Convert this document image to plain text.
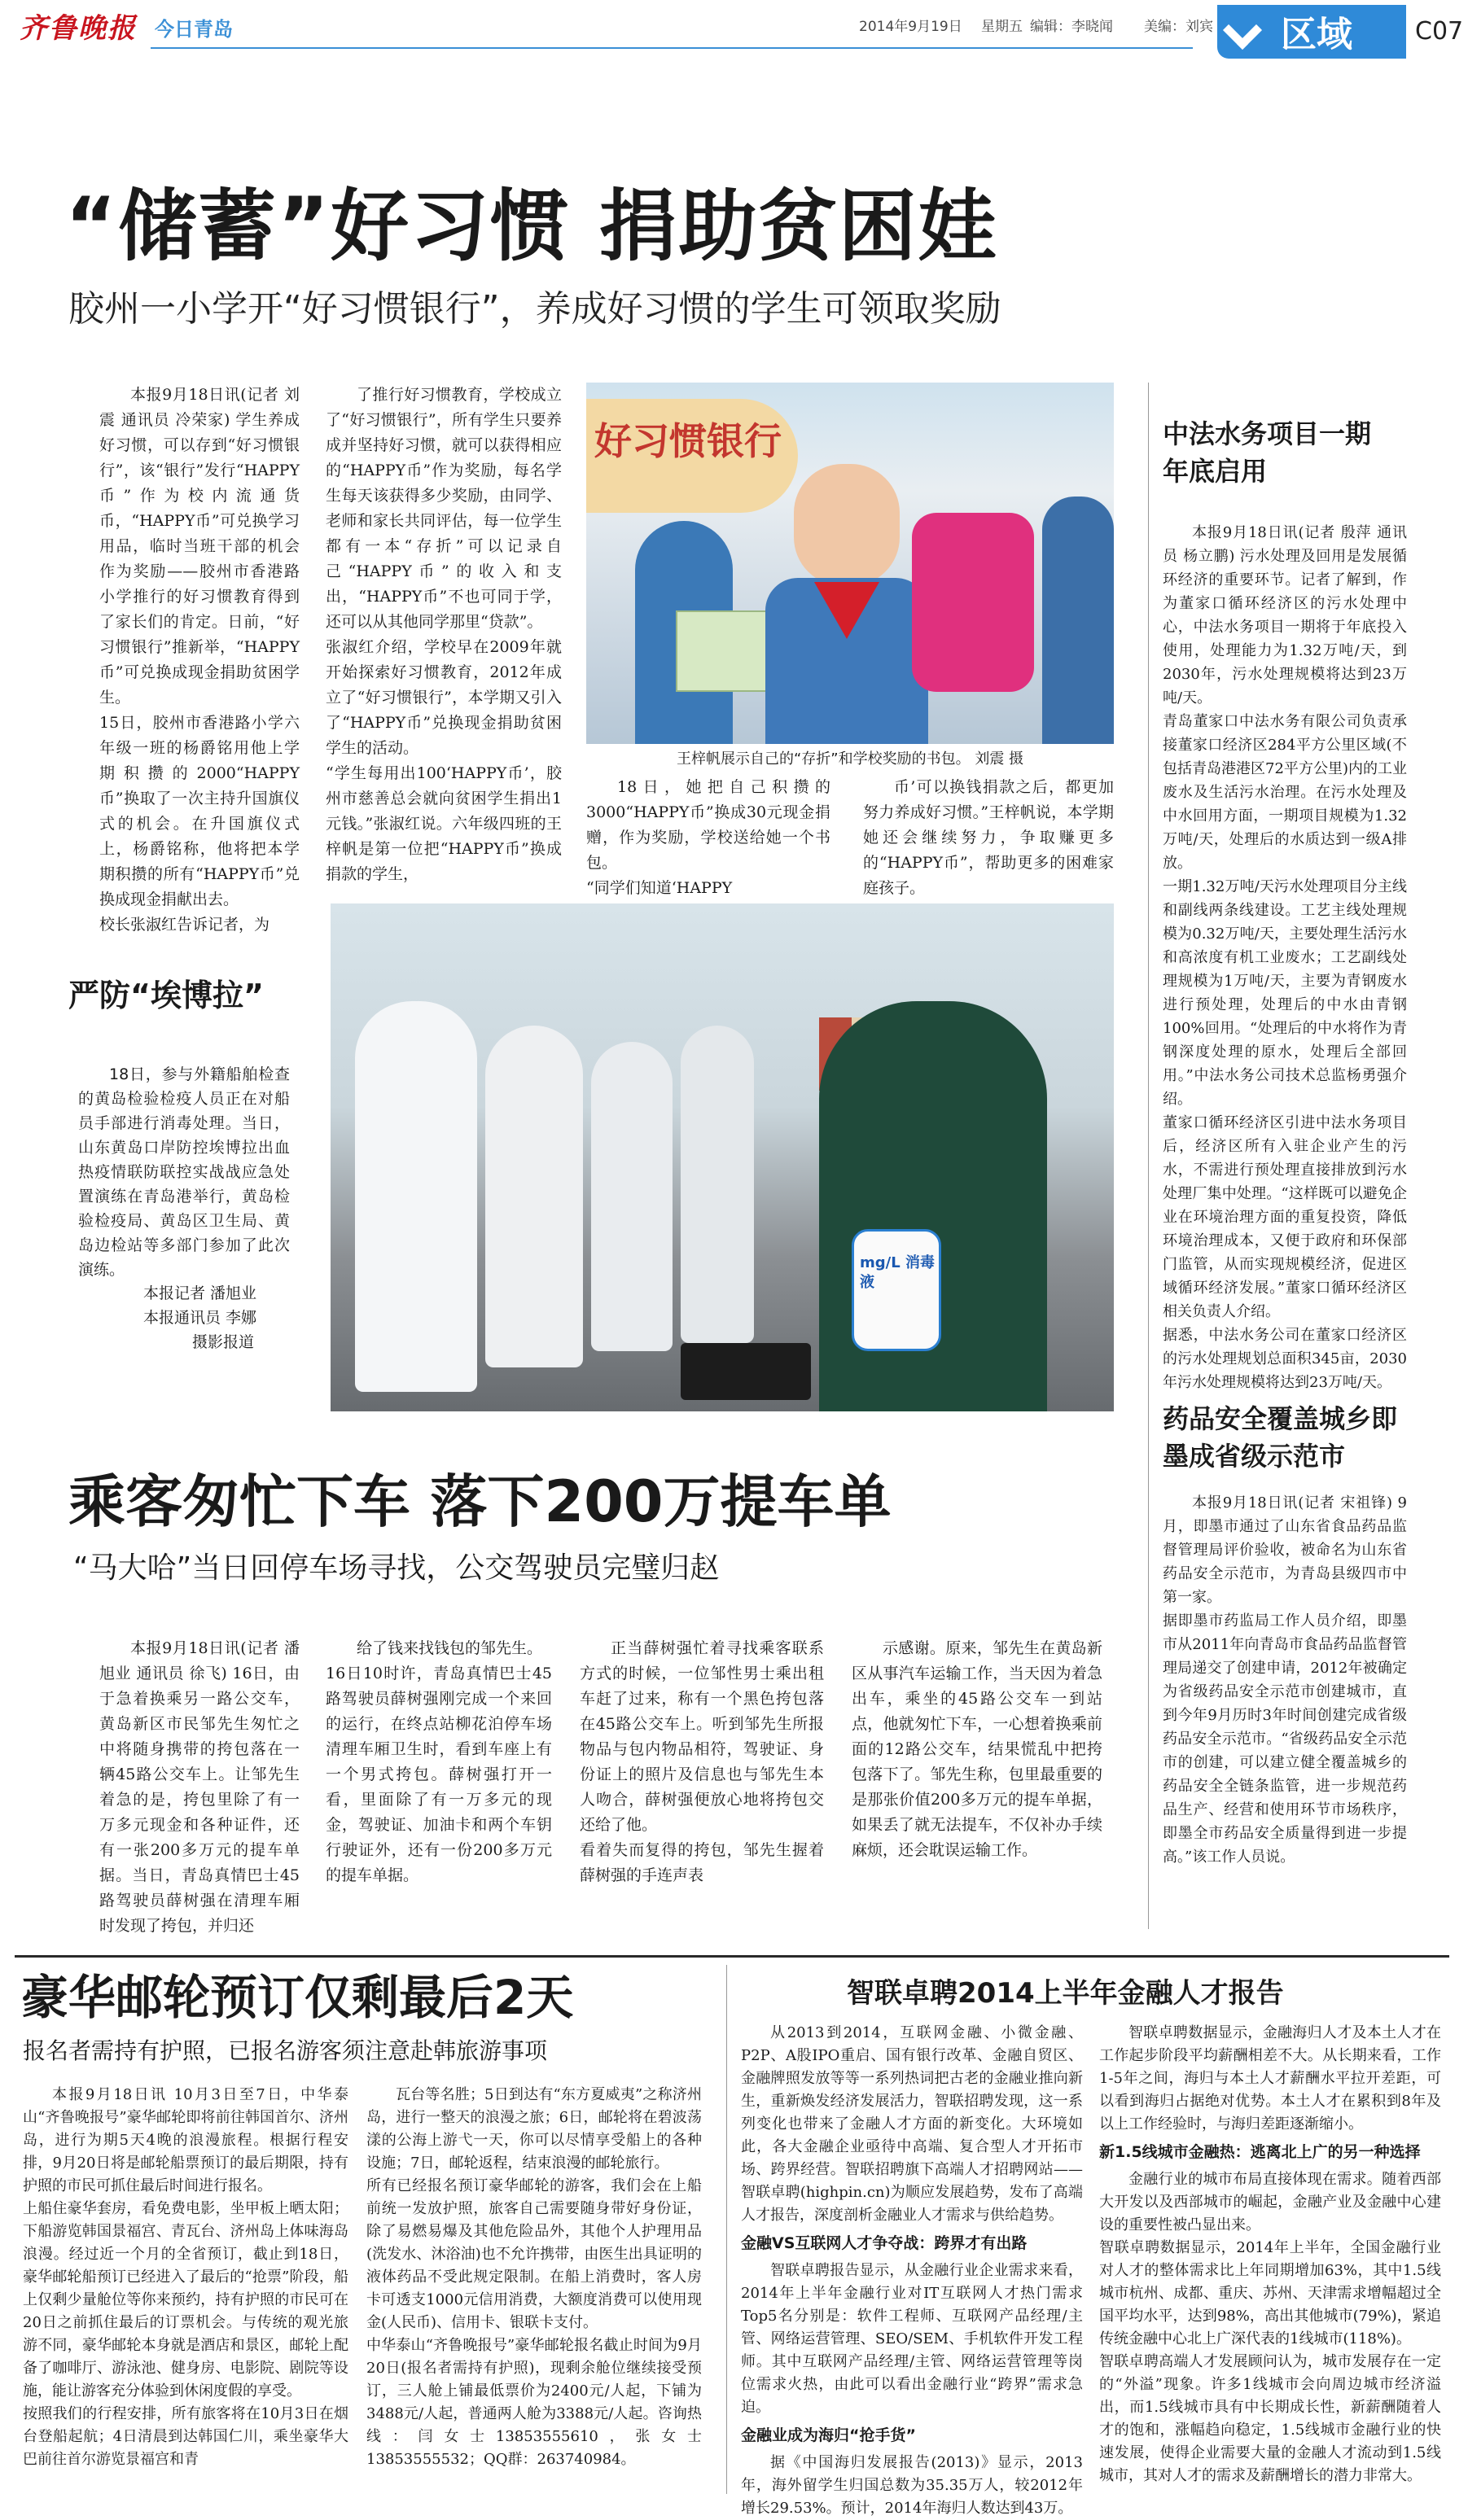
齐鲁晚报 今日青岛	2014年9月19日 星期五 编辑：李晓闻 美编：刘宾 区域	C07
“储蓄”好习惯 捐助贫困娃
胶州一小学开“好习惯银行”，养成好习惯的学生可领取奖励
本报9月18日讯(记者 刘震 通讯员 冷荣家) 学生养成好习惯，可以存到“好习惯银行”，该“银行”发行“HAPPY币”作为校内流通货币，“HAPPY币”可兑换学习用品，临时当班干部的机会作为奖励——胶州市香港路小学推行的好习惯教育得到了家长们的肯定。日前，“好习惯银行”推新举，“HAPPY币”可兑换成现金捐助贫困学生。
15日，胶州市香港路小学六年级一班的杨爵铭用他上学期积攒的2000“HAPPY币”换取了一次主持升国旗仪式的机会。在升国旗仪式上，杨爵铭称，他将把本学期积攒的所有“HAPPY币”兑换成现金捐献出去。
校长张淑红告诉记者，为
了推行好习惯教育，学校成立了“好习惯银行”，所有学生只要养成并坚持好习惯，就可以获得相应的“HAPPY币”作为奖励，每名学生每天该获得多少奖励，由同学、老师和家长共同评估，每一位学生都有一本“存折”可以记录自己“HAPPY币”的收入和支出，“HAPPY币”不也可同于学，还可以从其他同学那里“贷款”。
张淑红介绍，学校早在2009年就开始探索好习惯教育，2012年成立了“好习惯银行”，本学期又引入了“HAPPY币”兑换现金捐助贫困学生的活动。
“学生每用出100‘HAPPY币’，胶州市慈善总会就向贫困学生捐出1元钱。”张淑红说。六年级四班的王梓帆是第一位把“HAPPY币”换成捐款的学生，
好习惯银行
王梓帆展示自己的“存折”和学校奖励的书包。 刘震 摄
18日，她把自己积攒的3000“HAPPY币”换成30元现金捐赠，作为奖励，学校送给她一个书包。
“同学们知道‘HAPPY
币’可以换钱捐款之后，都更加努力养成好习惯。”王梓帆说，本学期她还会继续努力，争取赚更多的“HAPPY币”，帮助更多的困难家庭孩子。
mg/L 消毒液
严防“埃博拉”
18日，参与外籍船舶检查的黄岛检验检疫人员正在对船员手部进行消毒处理。当日，山东黄岛口岸防控埃博拉出血热疫情联防联控实战战应急处置演练在青岛港举行，黄岛检验检疫局、黄岛区卫生局、黄岛边检站等多部门参加了此次演练。
本报记者 潘旭业
本报通讯员 李娜
摄影报道
中法水务项目一期年底启用
本报9月18日讯(记者 殷萍 通讯员 杨立鹏) 污水处理及回用是发展循环经济的重要环节。记者了解到，作为董家口循环经济区的污水处理中心，中法水务项目一期将于年底投入使用，处理能力为1.32万吨/天，到2030年，污水处理规模将达到23万吨/天。
青岛董家口中法水务有限公司负责承接董家口经济区284平方公里区域(不包括青岛港港区72平方公里)内的工业废水及生活污水治理。在污水处理及中水回用方面，一期项目规模为1.32万吨/天，处理后的水质达到一级A排放。
一期1.32万吨/天污水处理项目分主线和副线两条线建设。工艺主线处理规模为0.32万吨/天，主要处理生活污水和高浓度有机工业废水；工艺副线处理规模为1万吨/天，主要为青钢废水进行预处理，处理后的中水由青钢100%回用。“处理后的中水将作为青钢深度处理的原水，处理后全部回用。”中法水务公司技术总监杨勇强介绍。
董家口循环经济区引进中法水务项目后，经济区所有入驻企业产生的污水，不需进行预处理直接排放到污水处理厂集中处理。“这样既可以避免企业在环境治理方面的重复投资，降低环境治理成本，又便于政府和环保部门监管，从而实现规模经济，促进区域循环经济发展。”董家口循环经济区相关负责人介绍。
据悉，中法水务公司在董家口经济区的污水处理规划总面积345亩，2030年污水处理规模将达到23万吨/天。
药品安全覆盖城乡即墨成省级示范市
本报9月18日讯(记者 宋祖锋) 9月，即墨市通过了山东省食品药品监督管理局评价验收，被命名为山东省药品安全示范市，为青岛县级四市中第一家。
据即墨市药监局工作人员介绍，即墨市从2011年向青岛市食品药品监督管理局递交了创建申请，2012年被确定为省级药品安全示范市创建城市，直到今年9月历时3年时间创建完成省级药品安全示范市。“省级药品安全示范市的创建，可以建立健全覆盖城乡的药品安全全链条监管，进一步规范药品生产、经营和使用环节市场秩序，即墨全市药品安全质量得到进一步提高。”该工作人员说。
乘客匆忙下车 落下200万提车单
“马大哈”当日回停车场寻找，公交驾驶员完璧归赵
本报9月18日讯(记者 潘旭业 通讯员 徐飞) 16日，由于急着换乘另一路公交车，黄岛新区市民邹先生匆忙之中将随身携带的挎包落在一辆45路公交车上。让邹先生着急的是，挎包里除了有一万多元现金和各种证件，还有一张200多万元的提车单据。当日，青岛真情巴士45路驾驶员薛树强在清理车厢时发现了挎包，并归还
给了钱来找钱包的邹先生。
16日10时许，青岛真情巴士45路驾驶员薛树强刚完成一个来回的运行，在终点站柳花泊停车场清理车厢卫生时，看到车座上有一个男式挎包。薛树强打开一看，里面除了有一万多元的现金，驾驶证、加油卡和两个车钥行驶证外，还有一份200多万元的提车单据。
正当薛树强忙着寻找乘客联系方式的时候，一位邹性男士乘出租车赶了过来，称有一个黑色挎包落在45路公交车上。听到邹先生所报物品与包内物品相符，驾驶证、身份证上的照片及信息也与邹先生本人吻合，薛树强便放心地将挎包交还给了他。
看着失而复得的挎包，邹先生握着薛树强的手连声表
示感谢。原来，邹先生在黄岛新区从事汽车运输工作，当天因为着急出车，乘坐的45路公交车一到站点，他就匆忙下车，一心想着换乘前面的12路公交车，结果慌乱中把挎包落下了。邹先生称，包里最重要的是那张价值200多万元的提车单据，如果丢了就无法提车，不仅补办手续麻烦，还会耽误运输工作。
豪华邮轮预订仅剩最后2天
报名者需持有护照，已报名游客须注意赴韩旅游事项
本报9月18日讯 10月3日至7日，中华泰山“齐鲁晚报号”豪华邮轮即将前往韩国首尔、济州岛，进行为期5天4晚的浪漫旅程。根据行程安排，9月20日将是邮轮船票预订的最后期限，持有护照的市民可抓住最后时间进行报名。
上船住豪华套房，看免费电影，坐甲板上晒太阳；下船游览韩国景福宫、青瓦台、济州岛上体味海岛浪漫。经过近一个月的全省预订，截止到18日，豪华邮轮船预订已经进入了最后的“抢票”阶段，船上仅剩少量舱位等你来预约，持有护照的市民可在20日之前抓住最后的订票机会。与传统的观光旅游不同，豪华邮轮本身就是酒店和景区，邮轮上配备了咖啡厅、游泳池、健身房、电影院、剧院等设施，能让游客充分体验到休闲度假的享受。
按照我们的行程安排，所有旅客将在10月3日在烟台登船起航；4日清晨到达韩国仁川，乘坐豪华大巴前往首尔游览景福宫和青
瓦台等名胜；5日到达有“东方夏威夷”之称济州岛，进行一整天的浪漫之旅；6日，邮轮将在碧波荡漾的公海上游弋一天，你可以尽情享受船上的各种设施；7日，邮轮返程，结束浪漫的邮轮旅行。
所有已经报名预订豪华邮轮的游客，我们会在上船前统一发放护照，旅客自己需要随身带好身份证，除了易燃易爆及其他危险品外，其他个人护理用品(洗发水、沐浴油)也不允许携带，由医生出具证明的液体药品不受此规定限制。在船上消费时，客人房卡可透支1000元信用消费，大额度消费可以使用现金(人民币)、信用卡、银联卡支付。
中华泰山“齐鲁晚报号”豪华邮轮报名截止时间为9月20日(报名者需持有护照)，现剩余舱位继续接受预订，三人舱上铺最低票价为2400元/人起，下铺为3488元/人起，普通两人舱为3388元/人起。咨询热线：闫女士13853555610，张女士13853555532；QQ群：263740984。
智联卓聘2014上半年金融人才报告
从2013到2014，互联网金融、小微金融、P2P、A股IPO重启、国有银行改革、金融自贸区、金融牌照发放等等一系列热词把古老的金融业推向新生，重新焕发经济发展活力，智联招聘发现，这一系列变化也带来了金融人才方面的新变化。大环境如此，各大金融企业亟待中高端、复合型人才开拓市场、跨界经营。智联招聘旗下高端人才招聘网站——智联卓聘(highpin.cn)为顺应发展趋势，发布了高端人才报告，深度剖析金融业人才需求与供给趋势。
金融VS互联网人才争夺战：跨界才有出路
智联卓聘报告显示，从金融行业企业需求来看，2014年上半年金融行业对IT互联网人才热门需求Top5名分别是：软件工程师、互联网产品经理/主管、网络运营管理、SEO/SEM、手机软件开发工程师。其中互联网产品经理/主管、网络运营管理等岗位需求火热，由此可以看出金融行业“跨界”需求急迫。
金融业成为海归“抢手货”
据《中国海归发展报告(2013)》显示，2013年，海外留学生归国总数为35.35万人，较2012年增长29.53%。预计，2014年海归人数达到43万。
智联卓聘数据显示，金融海归人才及本土人才在工作起步阶段平均薪酬相差不大。从长期来看，工作1-5年之间，海归与本土人才薪酬水平拉开差距，可以看到海归占据绝对优势。本土人才在累积到8年及以上工作经验时，与海归差距逐渐缩小。
新1.5线城市金融热：逃离北上广的另一种选择
金融行业的城市布局直接体现在需求。随着西部大开发以及西部城市的崛起，金融产业及金融中心建设的重要性被凸显出来。
智联卓聘数据显示，2014年上半年，全国金融行业对人才的整体需求比上年同期增加63%，其中1.5线城市杭州、成都、重庆、苏州、天津需求增幅超过全国平均水平，达到98%，高出其他城市(79%)，紧追传统金融中心北上广深代表的1线城市(118%)。
智联卓聘高端人才发展顾问认为，城市发展存在一定的“外溢”现象。许多1线城市会向周边城市经济溢出，而1.5线城市具有中长期成长性，新薪酬随着人才的饱和，涨幅趋向稳定，1.5线城市金融行业的快速发展，使得企业需要大量的金融人才流动到1.5线城市，其对人才的需求及薪酬增长的潜力非常大。
